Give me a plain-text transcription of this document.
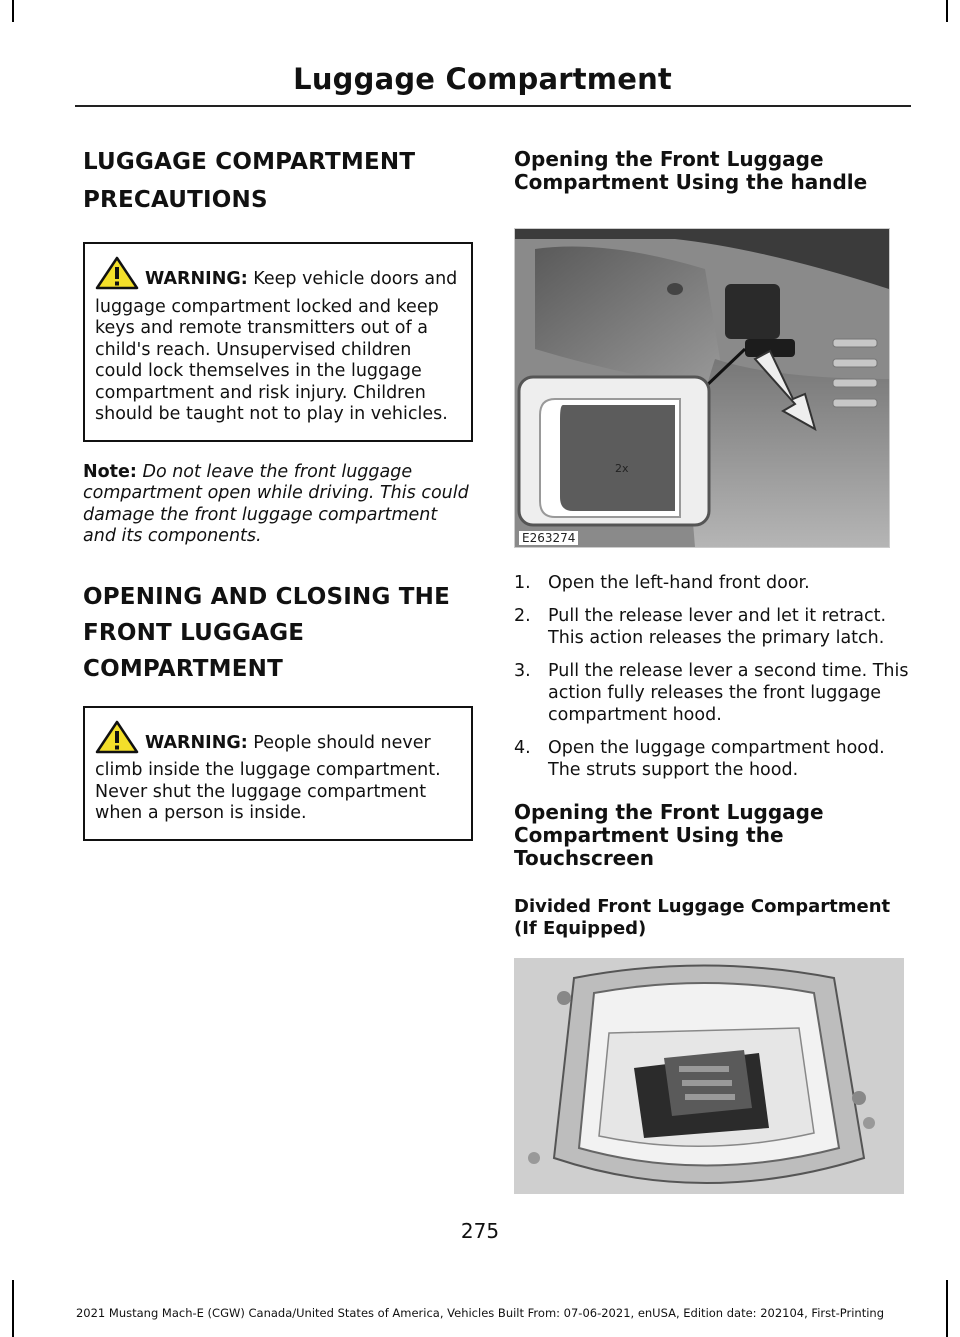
Luggage Compartment
LUGGAGE COMPARTMENT
PRECAUTIONS
WARNING: Keep vehicle doors and luggage compartment locked and keep keys and remote transmitters out of a child's reach. Unsupervised children could lock themselves in the luggage compartment and risk injury. Children should be taught not to play in vehicles.

Note: Do not leave the front luggage compartment open while driving. This could damage the front luggage compartment and its components.

OPENING AND CLOSING THE
FRONT LUGGAGE
COMPARTMENT
WARNING: People should never climb inside the luggage compartment. Never shut the luggage compartment when a person is inside.
Opening the Front Luggage Compartment Using the handle
2x
E263274
1. Open the left-hand front door.
2. Pull the release lever and let it retract. This action releases the primary latch.
3. Pull the release lever a second time. This action fully releases the front luggage compartment hood.
4. Open the luggage compartment hood. The struts support the hood.
Opening the Front Luggage Compartment Using the Touchscreen
Divided Front Luggage Compartment (If Equipped)
275
2021 Mustang Mach-E (CGW) Canada/United States of America, Vehicles Built From: 07-06-2021, enUSA, Edition date: 202104, First-Printing
